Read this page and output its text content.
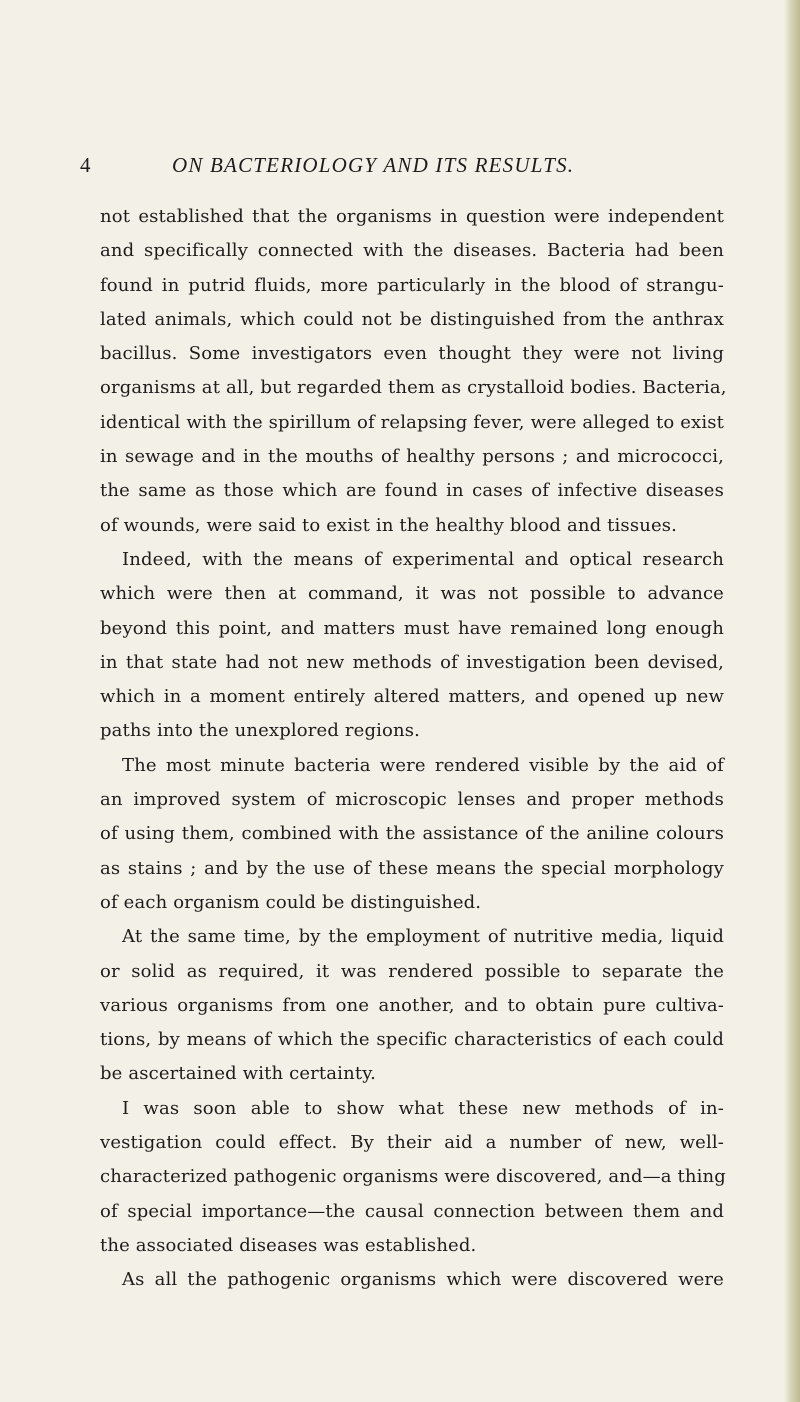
4	ON BACTERIOLOGY AND ITS RESULTS.
not established that the organisms in question were independent
and specifically connected with the diseases. Bacteria had been
found in putrid fluids, more particularly in the blood of strangu-
lated animals, which could not be distinguished from the anthrax
bacillus. Some investigators even thought they were not living
organisms at all, but regarded them as crystalloid bodies. Bacteria,
identical with the spirillum of relapsing fever, were alleged to exist
in sewage and in the mouths of healthy persons ; and micrococci,
the same as those which are found in cases of infective diseases
of wounds, were said to exist in the healthy blood and tissues.
Indeed, with the means of experimental and optical research
which were then at command, it was not possible to advance
beyond this point, and matters must have remained long enough
in that state had not new methods of investigation been devised,
which in a moment entirely altered matters, and opened up new
paths into the unexplored regions.
The most minute bacteria were rendered visible by the aid of
an improved system of microscopic lenses and proper methods
of using them, combined with the assistance of the aniline colours
as stains ; and by the use of these means the special morphology
of each organism could be distinguished.
At the same time, by the employment of nutritive media, liquid
or solid as required, it was rendered possible to separate the
various organisms from one another, and to obtain pure cultiva-
tions, by means of which the specific characteristics of each could
be ascertained with certainty.
I was soon able to show what these new methods of in-
vestigation could effect. By their aid a number of new, well-
characterized pathogenic organisms were discovered, and—a thing
of special importance—the causal connection between them and
the associated diseases was established.
As all the pathogenic organisms which were discovered were
